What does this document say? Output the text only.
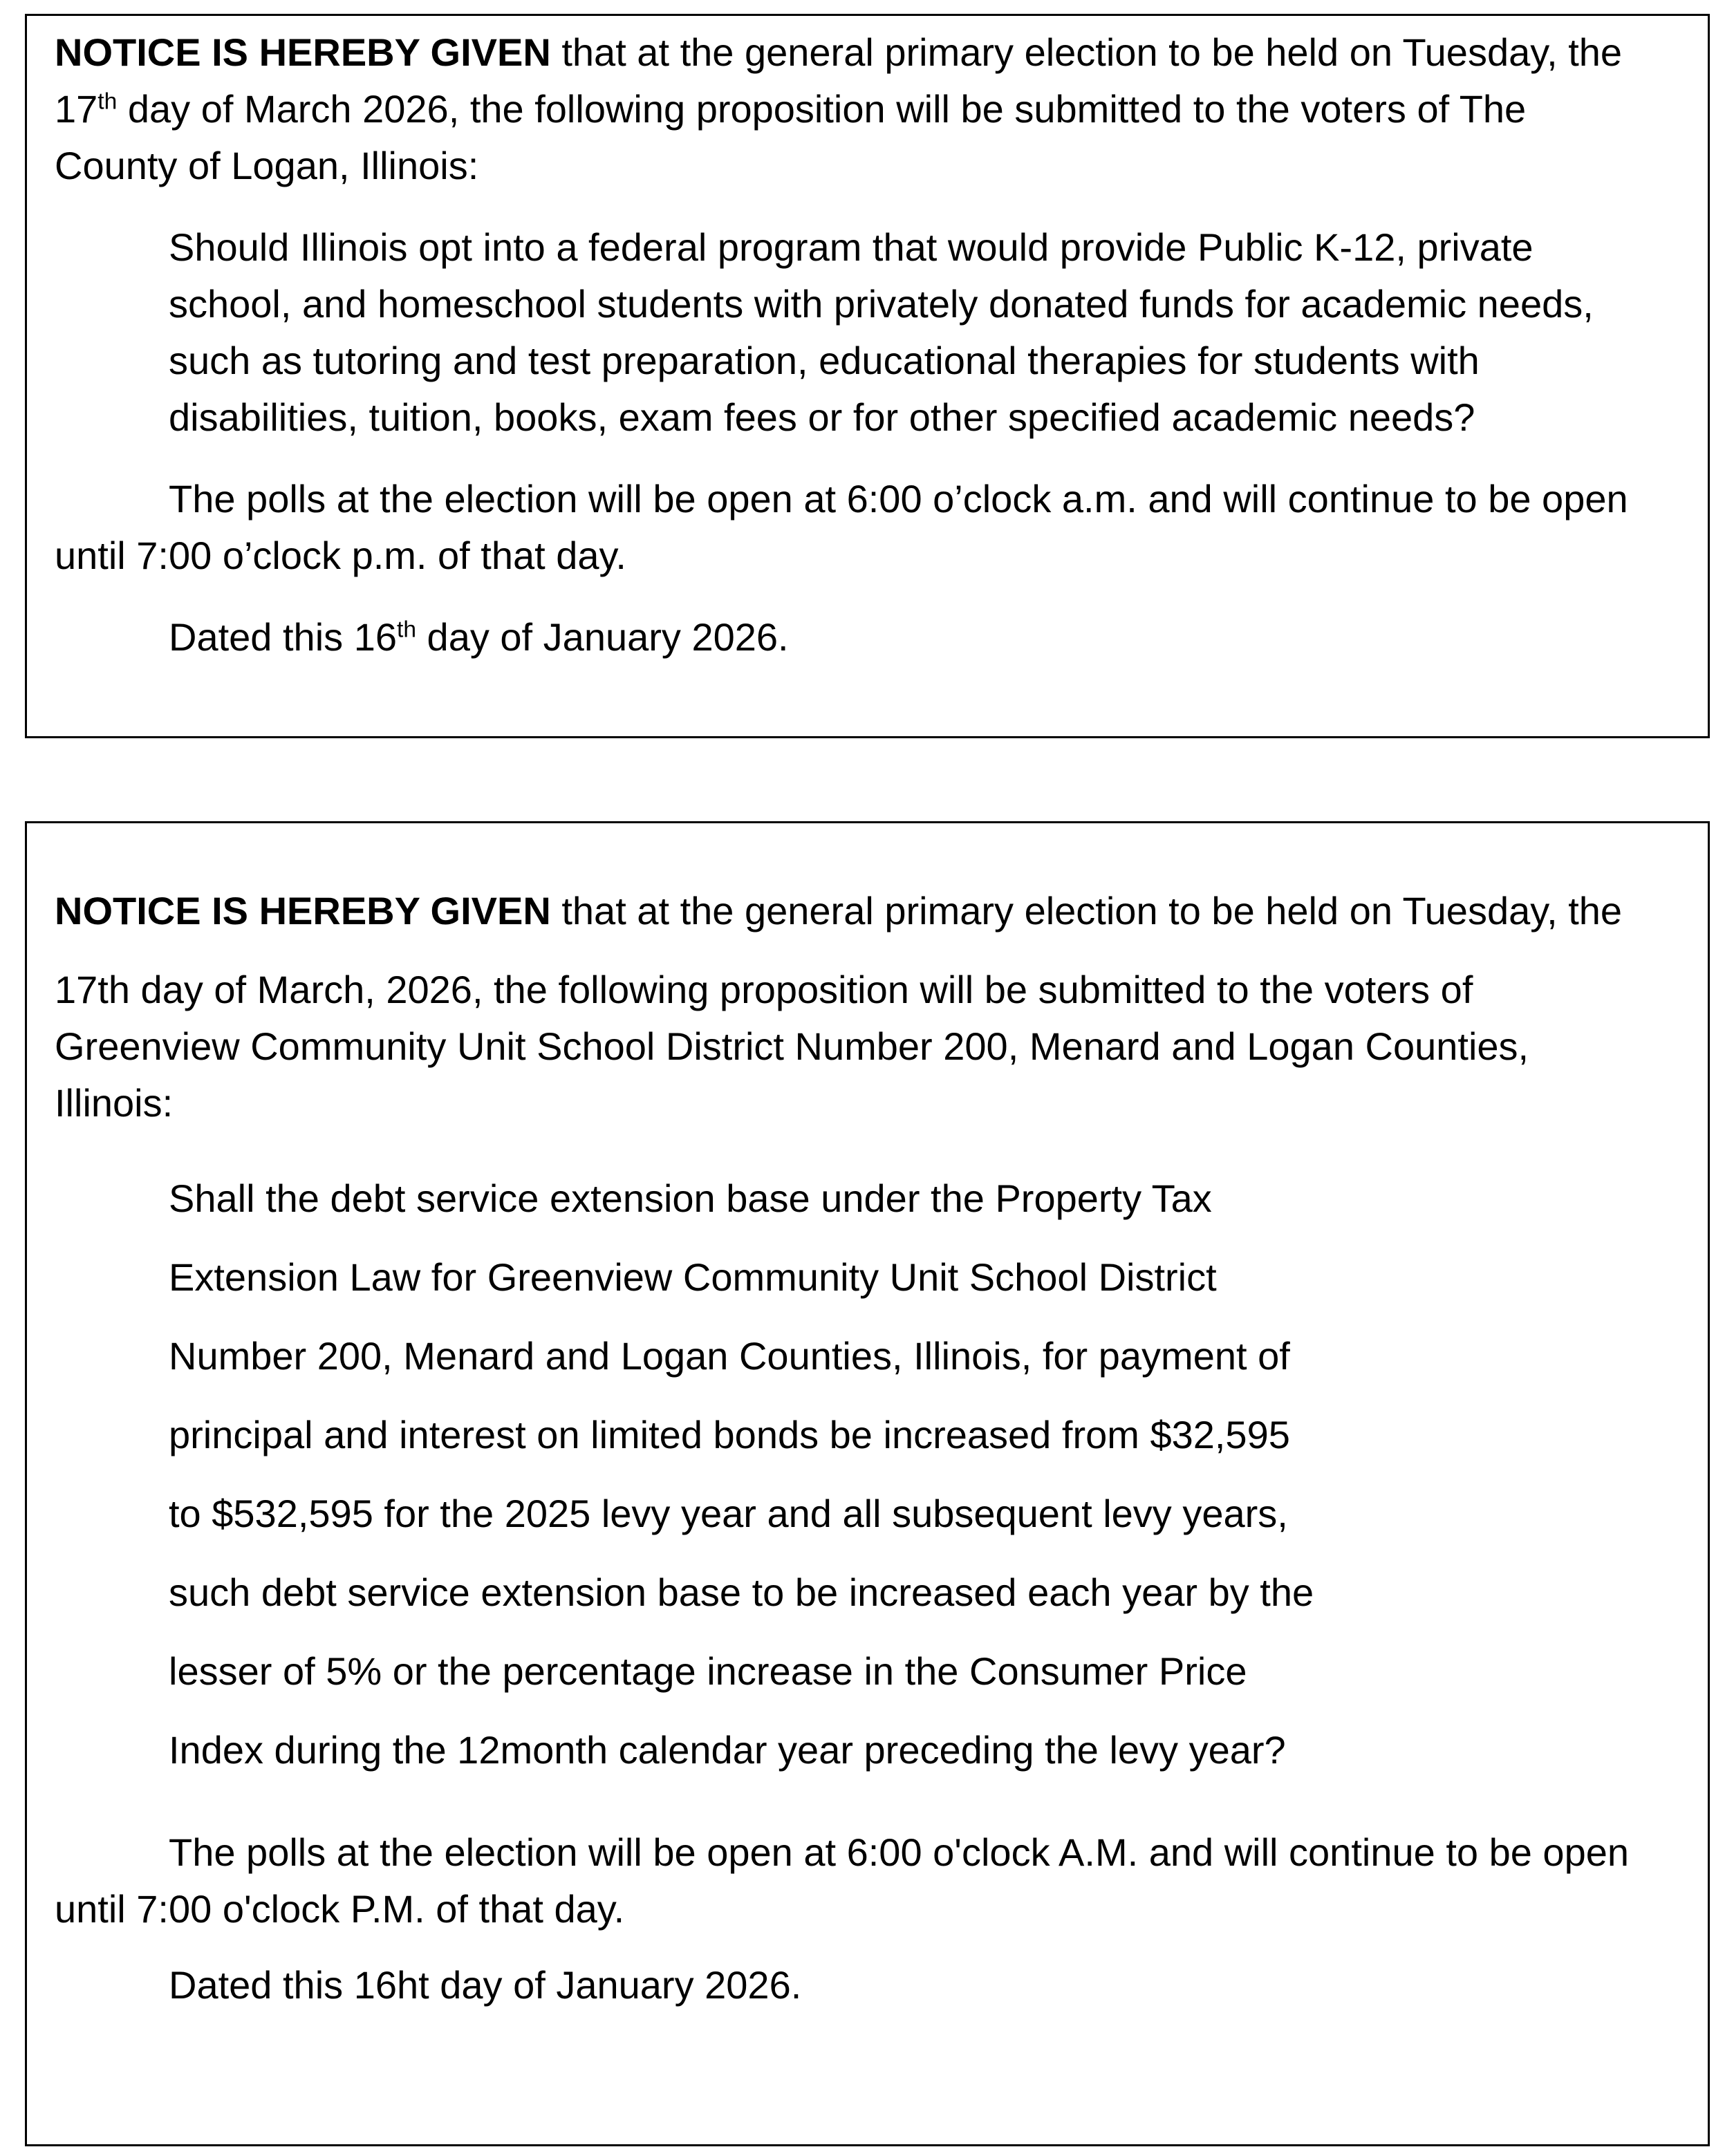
NOTICE IS HEREBY GIVEN that at the general primary election to be held on Tuesday, the 17th day of March 2026, the following proposition will be submitted to the voters of The County of Logan, Illinois:

Should Illinois opt into a federal program that would provide Public K-12, private school, and homeschool students with privately donated funds for academic needs, such as tutoring and test preparation, educational therapies for students with disabilities, tuition, books, exam fees or for other specified academic needs?

The polls at the election will be open at 6:00 o’clock a.m. and will continue to be open until 7:00 o’clock p.m. of that day.

Dated this 16th day of January 2026.

NOTICE IS HEREBY GIVEN that at the general primary election to be held on Tuesday, the

17th day of March, 2026, the following proposition will be submitted to the voters of Greenview Community Unit School District Number 200, Menard and Logan Counties, Illinois:

Shall the debt service extension base under the Property Tax
Extension Law for Greenview Community Unit School District
Number 200, Menard and Logan Counties, Illinois, for payment of
principal and interest on limited bonds be increased from $32,595
to $532,595 for the 2025 levy year and all subsequent levy years,
such debt service extension base to be increased each year by the
lesser of 5% or the percentage increase in the Consumer Price
Index during the 12month calendar year preceding the levy year?

The polls at the election will be open at 6:00 o'clock A.M. and will continue to be open until 7:00 o'clock P.M. of that day.

Dated this 16ht day of January 2026.
